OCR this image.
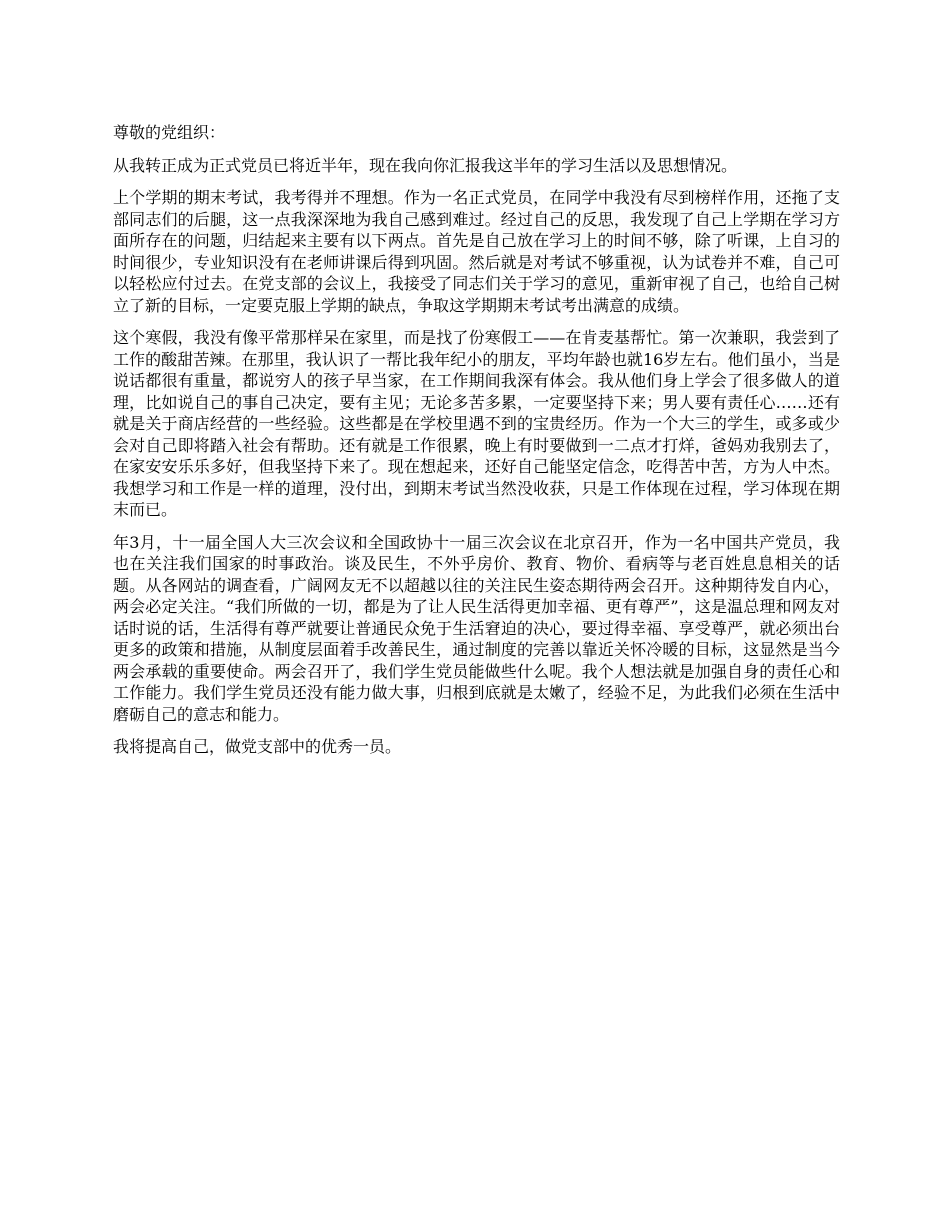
尊敬的党组织：

从我转正成为正式党员已将近半年，现在我向你汇报我这半年的学习生活以及思想情况。

上个学期的期末考试，我考得并不理想。作为一名正式党员，在同学中我没有尽到榜样作用，还拖了支部同志们的后腿，这一点我深深地为我自己感到难过。经过自己的反思，我发现了自己上学期在学习方面所存在的问题，归结起来主要有以下两点。首先是自己放在学习上的时间不够，除了听课，上自习的时间很少，专业知识没有在老师讲课后得到巩固。然后就是对考试不够重视，认为试卷并不难，自己可以轻松应付过去。在党支部的会议上，我接受了同志们关于学习的意见，重新审视了自己，也给自己树立了新的目标，一定要克服上学期的缺点，争取这学期期末考试考出满意的成绩。

这个寒假，我没有像平常那样呆在家里，而是找了份寒假工——在肯麦基帮忙。第一次兼职，我尝到了工作的酸甜苦辣。在那里，我认识了一帮比我年纪小的朋友，平均年龄也就16岁左右。他们虽小，当是说话都很有重量，都说穷人的孩子早当家，在工作期间我深有体会。我从他们身上学会了很多做人的道理，比如说自己的事自己决定，要有主见；无论多苦多累，一定要坚持下来；男人要有责任心……还有就是关于商店经营的一些经验。这些都是在学校里遇不到的宝贵经历。作为一个大三的学生，或多或少会对自己即将踏入社会有帮助。还有就是工作很累，晚上有时要做到一二点才打烊，爸妈劝我别去了，在家安安乐乐多好，但我坚持下来了。现在想起来，还好自己能坚定信念，吃得苦中苦，方为人中杰。我想学习和工作是一样的道理，没付出，到期末考试当然没收获，只是工作体现在过程，学习体现在期末而已。

年3月，十一届全国人大三次会议和全国政协十一届三次会议在北京召开，作为一名中国共产党员，我也在关注我们国家的时事政治。谈及民生，不外乎房价、教育、物价、看病等与老百姓息息相关的话题。从各网站的调查看，广阔网友无不以超越以往的关注民生姿态期待两会召开。这种期待发自内心，两会必定关注。“我们所做的一切，都是为了让人民生活得更加幸福、更有尊严”，这是温总理和网友对话时说的话，生活得有尊严就要让普通民众免于生活窘迫的决心，要过得幸福、享受尊严，就必须出台更多的政策和措施，从制度层面着手改善民生，通过制度的完善以靠近关怀冷暖的目标，这显然是当今两会承载的重要使命。两会召开了，我们学生党员能做些什么呢。我个人想法就是加强自身的责任心和工作能力。我们学生党员还没有能力做大事，归根到底就是太嫩了，经验不足，为此我们必须在生活中磨砺自己的意志和能力。

我将提高自己，做党支部中的优秀一员。
